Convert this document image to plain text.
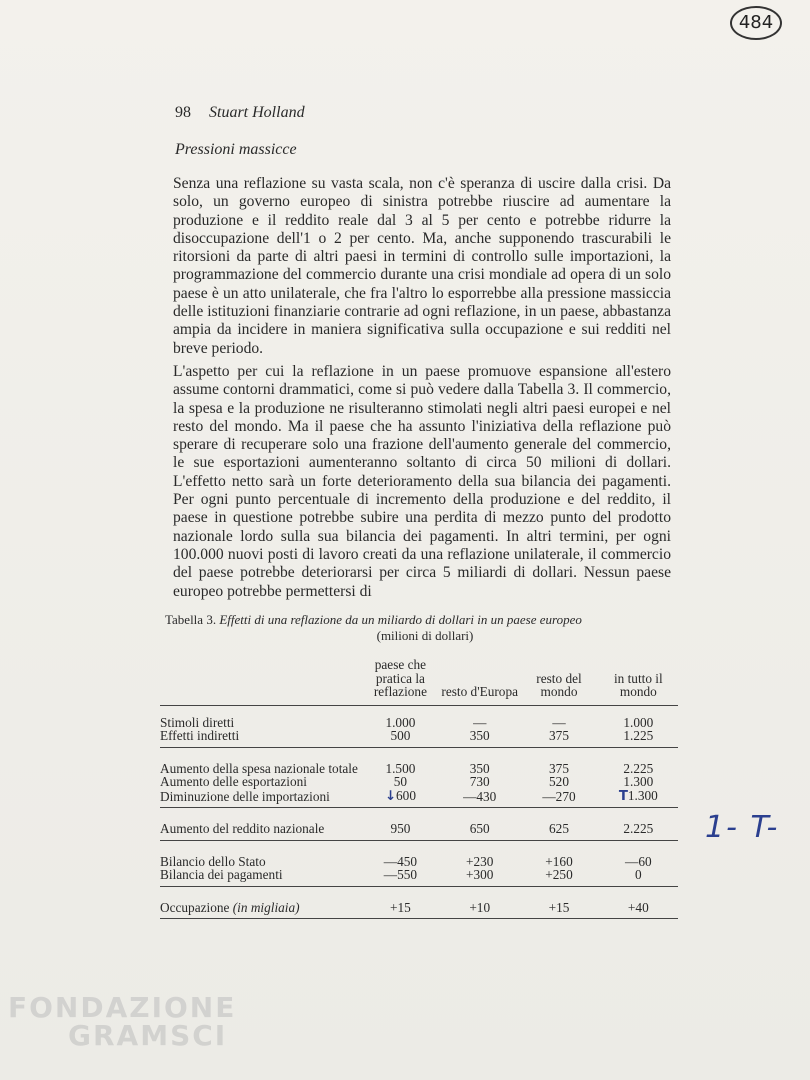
484
98 Stuart Holland
Pressioni massicce

Senza una reflazione su vasta scala, non c'è speranza di uscire dalla crisi. Da solo, un governo europeo di sinistra potrebbe riuscire ad aumentare la produzione e il reddito reale dal 3 al 5 per cento e potrebbe ridurre la disoccupazione dell'1 o 2 per cento. Ma, anche supponendo trascurabili le ritorsioni da parte di altri paesi in termini di controllo sulle importazioni, la programmazione del commercio durante una crisi mondiale ad opera di un solo paese è un atto unilaterale, che fra l'altro lo esporrebbe alla pressione massiccia delle istituzioni finanziarie contrarie ad ogni reflazione, in un paese, abbastanza ampia da incidere in maniera significativa sulla occupazione e sui redditi nel breve periodo.

L'aspetto per cui la reflazione in un paese promuove espansione all'estero assume contorni drammatici, come si può vedere dalla Tabella 3. Il commercio, la spesa e la produzione ne risulteranno stimolati negli altri paesi europei e nel resto del mondo. Ma il paese che ha assunto l'iniziativa della reflazione può sperare di recuperare solo una frazione dell'aumento generale del commercio, le sue esportazioni aumenteranno soltanto di circa 50 milioni di dollari. L'effetto netto sarà un forte deterioramento della sua bilancia dei pagamenti. Per ogni punto percentuale di incremento della produzione e del reddito, il paese in questione potrebbe subire una perdita di mezzo punto del prodotto nazionale lordo sulla sua bilancia dei pagamenti. In altri termini, per ogni 100.000 nuovi posti di lavoro creati da una reflazione unilaterale, il commercio del paese potrebbe deteriorarsi per circa 5 miliardi di dollari. Nessun paese europeo potrebbe permettersi di

Tabella 3. Effetti di una reflazione da un miliardo di dollari in un paese europeo
(milioni di dollari)
	paese che pratica la reflazione	resto d'Europa	resto del mondo	in tutto il mondo
Stimoli diretti	1.000	—	—	1.000
Effetti indiretti	500	350	375	1.225
Aumento della spesa nazionale totale	1.500	350	375	2.225
Aumento delle esportazioni	50	730	520	1.300
Diminuzione delle importazioni	↓600	—430	—270	T1.300
Aumento del reddito nazionale	950	650	625	2.225
Bilancio dello Stato	—450	+230	+160	—60
Bilancia dei pagamenti	—550	+300	+250	0
Occupazione (in migliaia)	+15	+10	+15	+40
1- T-
FONDAZIONE
GRAMSCI
